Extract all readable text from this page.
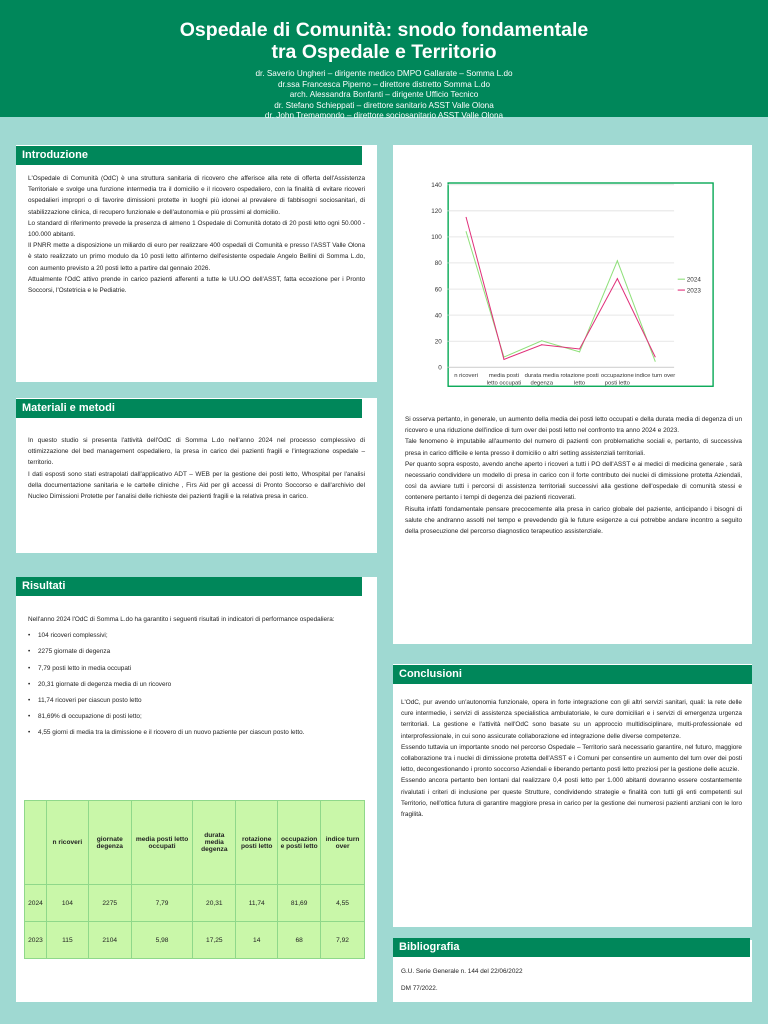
Ospedale di Comunità: snodo fondamentale
tra Ospedale e Territorio
dr. Saverio Ungheri – dirigente medico DMPO Gallarate – Somma L.do
dr.ssa Francesca Piperno – direttore distretto Somma L.do
arch. Alessandra Bonfanti – dirigente Ufficio Tecnico
dr. Stefano Schieppati – direttore sanitario ASST Valle Olona
dr. John Tremamondo – direttore sociosanitario ASST Valle Olona
Introduzione

L'Ospedale di Comunità (OdC) è una struttura sanitaria di ricovero che afferisce alla rete di offerta dell'Assistenza Territoriale e svolge una funzione intermedia tra il domicilio e il ricovero ospedaliero, con la finalità di evitare ricoveri ospedalieri impropri o di favorire dimissioni protette in luoghi più idonei al prevalere di fabbisogni sociosanitari, di stabilizzazione clinica, di recupero funzionale e dell'autonomia e più prossimi al domicilio.

Lo standard di riferimento prevede la presenza di almeno 1 Ospedale di Comunità dotato di 20 posti letto ogni 50.000 - 100.000 abitanti.

Il PNRR mette a disposizione un miliardo di euro per realizzare 400 ospedali di Comunità e presso l'ASST Valle Olona è stato realizzato un primo modulo da 10 posti letto all'interno dell'esistente ospedale Angelo Bellini di Somma L.do, con aumento previsto a 20 posti letto a partire dal gennaio 2026.

Attualmente l'OdC attivo prende in carico pazienti afferenti a tutte le UU.OO dell'ASST, fatta eccezione per i Pronto Soccorsi, l'Ostetricia e le Pediatrie.

Materiali e metodi

In questo studio si presenta l'attività dell'OdC di Somma L.do nell'anno 2024 nel processo complessivo di ottimizzazione del bed management ospedaliero, la presa in carico dei pazienti fragili e l'integrazione ospedale – territorio.

I dati esposti sono stati estrapolati dall'applicativo ADT – WEB per la gestione dei posti letto, Whospital per l'analisi della documentazione sanitaria e le cartelle cliniche , Firs Aid per gli accessi di Pronto Soccorso e dall'archivio del Nucleo Dimissioni Protette per l'analisi delle richieste dei pazienti fragili e la relativa presa in carico.

Risultati

Nell'anno 2024 l'OdC di Somma L.do ha garantito i seguenti risultati in indicatori di performance ospedaliera:

• 104 ricoveri complessivi;
• 2275 giornate di degenza
• 7,79 posti letto in media occupati
• 20,31 giornate di degenza media di un ricovero
• 11,74 ricoveri per ciascun posto letto
• 81,69% di occupazione di posti letto;
• 4,55 giorni di media tra la dimissione e il ricovero di un nuovo paziente per ciascun posto letto.
	n ricoveri	giornate degenza	media posti letto occupati	durata media degenza	rotazione posti letto	occupazion e posti letto	indice turn over
2024	104	2275	7,79	20,31	11,74	81,69	4,55
2023	115	2104	5,98	17,25	14	68	7,92
0
20
40
60
80
100
120
140
n ricoveri media posti
letto occupati
durata media
degenza
rotazione posti
letto
occupazione
posti letto
indice turn over
2024
2023

Si osserva pertanto, in generale, un aumento della media dei posti letto occupati e della durata media di degenza di un ricovero e una riduzione dell'indice di turn over dei posti letto nel confronto tra anno 2024 e 2023.

Tale fenomeno è imputabile all'aumento del numero di pazienti con problematiche sociali e, pertanto, di successiva presa in carico difficile e lenta presso il domicilio o altri setting assistenziali territoriali.

Per quanto sopra esposto, avendo anche aperto i ricoveri a tutti i PO dell'ASST e ai medici di medicina generale , sarà necessario condividere un modello di presa in carico con il forte contributo dei nuclei di dimissione protetta Aziendali, così da avviare tutti i percorsi di assistenza territoriali successivi alla gestione dell'ospedale di comunità stessi e contenere pertanto i tempi di degenza dei pazienti ricoverati.

Risulta infatti fondamentale pensare precocemente alla presa in carico globale del paziente, anticipando i bisogni di salute che andranno assolti nel tempo e prevedendo già le future esigenze a cui potrebbe andare incontro a seguito della prosecuzione del percorso diagnostico terapeutico assistenziale.

Conclusioni

L'OdC, pur avendo un'autonomia funzionale, opera in forte integrazione con gli altri servizi sanitari, quali: la rete delle cure intermedie, i servizi di assistenza specialistica ambulatoriale, le cure domiciliari e i servizi di emergenza urgenza territoriali. La gestione e l'attività nell'OdC sono basate su un approccio multidisciplinare, multi-professionale ed interprofessionale, in cui sono assicurate collaborazione ed integrazione delle diverse competenze.

Essendo tuttavia un importante snodo nel percorso Ospedale – Territorio sarà necessario garantire, nel futuro, maggiore collaborazione tra i nuclei di dimissione protetta dell'ASST e i Comuni per consentire un aumento del turn over dei posti letto, decongestionando i pronto soccorso Aziendali e liberando pertanto posti letto preziosi per la gestione delle acuzie.

Essendo ancora pertanto ben lontani dal realizzare 0,4 posti letto per 1.000 abitanti dovranno essere costantemente rivalutati i criteri di inclusione per queste Strutture, condividendo strategie e finalità con tutti gli enti competenti sul Territorio, nell'ottica futura di garantire maggiore presa in carico per la gestione dei numerosi pazienti anziani con le loro fragilità.

Bibliografia

G.U. Serie Generale n. 144 del 22/06/2022

DM 77/2022.
